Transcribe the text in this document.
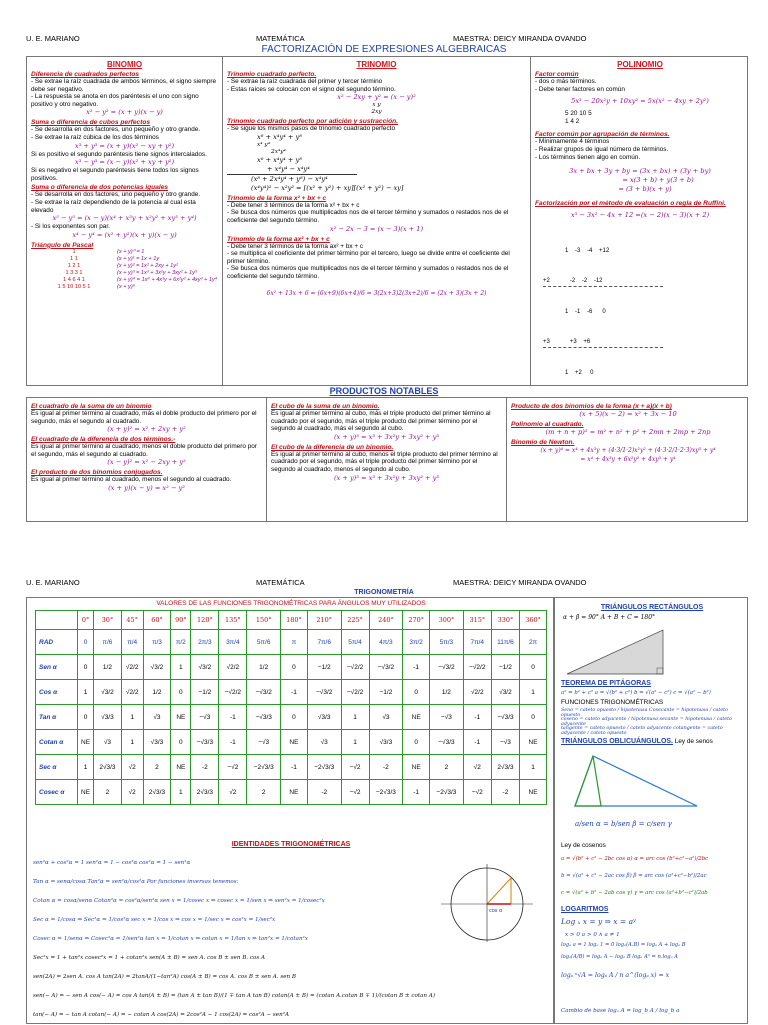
U. E. MARIANO	MATEMÁTICA	MAESTRA: DEICY MIRANDA OVANDO
FACTORIZACIÓN DE EXPRESIONES ALGEBRAICAS
BINOMIO
Diferencia de cuadrados perfectos
- Se extrae la raíz cuadrada de ambos términos, el signo siempre debe ser negativo.
- La respuesta se anota en dos paréntesis el uno con signo positivo y otro negativo.
x² − y² = (x + y)(x − y)
Suma o diferencia de cubos perfectos
- Se desarrolla en dos factores, uno pequeño y otro grande.
- Se extrae la raíz cúbica de los dos términos
x³ + y³ = (x + y)(x² − xy + y²)
Si es positivo el segundo paréntesis tiene signos intercalados.
x³ − y³ = (x − y)(x² + xy + y²)
Si es negativo el segundo paréntesis tiene todos los signos positivos.
Suma o diferencia de dos potencias iguales
- Se desarrolla en dos factores, uno pequeño y otro grande.
- Se extrae la raíz dependiendo de la potencia al cual esta elevado
x⁵ − y⁵ = (x − y)(x⁴ + x³y + x²y² + xy³ + y⁴)
- Si los exponentes son par.
x⁴ − y⁴ = (x² + y²)(x + y)(x − y)
Triángulo de Pascal
1
1 1
1 2 1
1 3 3 1
1 4 6 4 1
1 5 10 10 5 1
(x + y)⁰ = 1
(x + y)¹ = 1x + 1y
(x + y)² = 1x² + 2xy + 1y²
(x + y)³ = 1x³ + 3x²y + 3xy² + 1y³
(x + y)⁴ = 1x⁴ + 4x³y + 6x²y² + 4xy³ + 1y⁴
(x + y)⁵
TRINOMIO
Trinomio cuadrado perfecto.
- Se extrae la raíz cuadrada del primer y tercer término
- Estas raíces se colocan con el signo del segundo término.
x² − 2xy + y² = (x − y)²
x y
2xy
Trinomio cuadrado perfecto por adición y sustracción.
- Se sigue los mismos pasos de trinomio cuadrado perfecto
x⁸ + x⁴y⁴ + y⁸
x⁴ y⁴
2x⁴y⁴
x⁸ + x⁴y⁴ + y⁸
+ x⁴y⁴ − x⁴y⁴
(x⁸ + 2x⁴y⁴ + y⁸) − x⁴y⁴
(x⁴y⁴)² − x²y² = [(x² + y²) + xy][(x² + y²) − xy]
Trinomio de la forma x² + bx + c
- Debe tener 3 términos de la forma x² + bx + c
- Se busca dos números que multiplicados nos de el tercer término y sumados o restados nos de el coeficiente del segundo término.
x² − 2x − 3 = (x − 3)(x + 1)
Trinomio de la forma ax² + bx + c
- Debe tener 3 términos de la forma ax² + bx + c
- se multiplica el coeficiente del primer término por el tercero, luego se divide entre el coeficiente del primer término.
- Se busca dos números que multiplicados nos de el tercer término y sumados o restados nos de el coeficiente del segundo término.
6x² + 13x + 6 = (6x+9)(6x+4)/6 = 3(2x+3)2(3x+2)/6 = (2x + 3)(3x + 2)
POLINOMIO
Factor común
- dos o más términos.
- Debe tener factores en común
5x³ − 20x²y + 10xy² = 5x(x² − 4xy + 2y²)
5 20 10 5
1 4 2
Factor común por agrupación de términos.
- Mínimamente 4 términos
- Realizar grupos de igual número de términos.
- Los términos tienen algo en común.
3x + bx + 3y + by = (3x + bx) + (3y + by)
= x(3 + b) + y(3 + b)
= (3 + b)(x + y)
Factorización por el método de evaluación o regla de Ruffini.
x³ − 3x² − 4x + 12 =(x − 2)(x − 3)(x + 2)

1    -3    -4    +12

+2            -2    -2    -12

1    -1    -6      0

+3            +3    +6

1    +2     0

PRODUCTOS NOTABLES
El cuadrado de la suma de un binomio
Es igual al primer término al cuadrado, más el doble producto del primero por el segundo, más el segundo al cuadrado.
(x + y)² = x² + 2xy + y²
El cuadrado de la diferencia de dos términos.-
Es igual al primer término al cuadrado, menos el doble producto del primero por el segundo, más el segundo al cuadrado.
(x − y)² = x² − 2xy + y²
El producto de dos binomios conjugados.
Es igual al primer término al cuadrado, menos el segundo al cuadrado.
(x + y)(x − y) = x² − y²
El cubo de la suma de un binomio.
Es igual al primer término al cubo, más el triple producto del primer término al cuadrado por el segundo, más el triple producto del primer término por el segundo al cuadrado, más el segundo al cubo.
(x + y)³ = x³ + 3x²y + 3xy² + y³
El cubo de la diferencia de un binomio.
Es igual al primer término al cubo, menos el triple producto del primer término al cuadrado por el segundo, más el triple producto del primer término por el segundo al cuadrado, menos el segundo al cubo.
(x + y)³ = x³ + 3x²y + 3xy² + y³
Producto de dos binomios de la forma (x + a)(x + b)
(x + 5)(x − 2) = x² + 3x − 10
Polinomio al cuadrado.
(m + n + p)² = m² + n² + p² + 2mn + 2mp + 2np
Binomio de Newton.
(x + y)⁴ = x⁴ + 4x³y + (4·3/1·2)x²y² + (4·3·2/1·2·3)xy³ + y⁴
= x⁴ + 4x³y + 6x²y² + 4xy³ + y⁴
U. E. MARIANO	MATEMÁTICA	MAESTRA: DEICY MIRANDA OVANDO
TRIGONOMETRÍA
VALORES DE LAS FUNCIONES TRIGONOMÉTRICAS PARA ÁNGULOS MUY UTILIZADOS
	0°	30°	45°	60°	90°	120°	135°	150°	180°	210°	225°	240°	270°	300°	315°	330°	360°
RAD	0	π/6	π/4	π/3	π/2	2π/3	3π/4	5π/6	π	7π/6	5π/4	4π/3	3π/2	5π/3	7π/4	11π/6	2π
Sen α	0	1/2	√2/2	√3/2	1	√3/2	√2/2	1/2	0	−1/2	−√2/2	−√3/2	-1	−√3/2	−√2/2	−1/2	0
Cos α	1	√3/2	√2/2	1/2	0	−1/2	−√2/2	−√3/2	-1	−√3/2	−√2/2	−1/2	0	1/2	√2/2	√3/2	1
Tan α	0	√3/3	1	√3	NE	−√3	-1	−√3/3	0	√3/3	1	√3	NE	−√3	-1	−√3/3	0
Cotan α	NE	√3	1	√3/3	0	−√3/3	-1	−√3	NE	√3	1	√3/3	0	−√3/3	-1	−√3	NE
Sec α	1	2√3/3	√2	2	NE	-2	−√2	−2√3/3	-1	−2√3/3	−√2	-2	NE	2	√2	2√3/3	1
Cosec α	NE	2	√2	2√3/3	1	2√3/3	√2	2	NE	-2	−√2	−2√3/3	-1	−2√3/3	−√2	-2	NE
IDENTIDADES TRIGONOMÉTRICAS
sen²α + cos²α = 1 sen²α = 1 − cos²α cos²α = 1 − sen²α
Tan α = senα/cosα Tan²α = sen²α/cos²α Por funciones inversas tenemos:
Cotan α = cosα/senα Cotan²α = cos²α/sen²α sen x = 1/cosec x ⇒ cosec x = 1/sen x ⇒ sen²x = 1/cosec²x
Sec α = 1/cosα ⇒ Sec²α = 1/cos²α sec x = 1/cos x ⇒ cos x = 1/sec x ⇒ cos²x = 1/sec²x
Cosec α = 1/senα ⇒ Cosec²α = 1/sen²α tan x = 1/cotan x ⇒ cotan x = 1/tan x ⇒ tan²x = 1/cotan²x
Sec²x = 1 + tan²x cosec²x = 1 + cotan²x sen(A ± B) = sen A. cos B ± sen B. cos A
sen(2A) = 2sen A. cos A tan(2A) = 2tanA/(1−tan²A) cos(A ± B) = cos A. cos B ± sen A. sen B
sen(− A) = − sen A cos(− A) = cos A tan(A ± B) = (tan A ± tan B)/(1 ∓ tan A tan B) cotan(A ± B) = (cotan A.cotan B ∓ 1)/(cotan B ± cotan A)
tan(− A) = − tan A cotan(− A) = − cotan A cos(2A) = 2cos²A − 1 cos(2A) = cos²A − sen²A
cos α
TRIÁNGULOS RECTÁNGULOS
α + β = 90° A + B + C = 180°
TEOREMA DE PITÁGORAS
a² = b² + c² a = √(b² + c²) b = √(a² − c²) c = √(a² − b²)
FUNCIONES TRIGONOMÉTRICAS
Seno = cateto opuesto / hipotenusa Cosecante = hipotenusa / cateto opuesto
coseno = cateto adyacente / hipotenusa secante = hipotenusa / cateto adyacente
tangente = cateto opuesto / cateto adyacente cotangente = cateto adyacente / cateto opuesto
TRIÁNGULOS OBLICUÁNGULOS. Ley de senos
a/sen α = b/sen β = c/sen γ
Ley de cosenos
a = √(b² + c² − 2bc cos α) α = arc cos (b²+c²−a²)/2bc
b = √(a² + c² − 2ac cos β) β = arc cos (a²+c²−b²)/2ac
c = √(a² + b² − 2ab cos γ) γ = arc cos (a²+b²−c²)/2ab
LOGARITMOS
Log ₓ x = y ⇒ x = aʸ
x > 0 a > 0 ∧ a ≠ 1
logₐ a = 1 logₐ 1 = 0 logₐ(A.B) = logₐ A + logₐ B
logₐ(A/B) = logₐ A − logₐ B logₐ Aⁿ = n.logₐ A
logₐ ⁿ√A = logₐ A / n a^(logₐ x) = x
Cambio de base logₐ A = log_b A / log_b a
